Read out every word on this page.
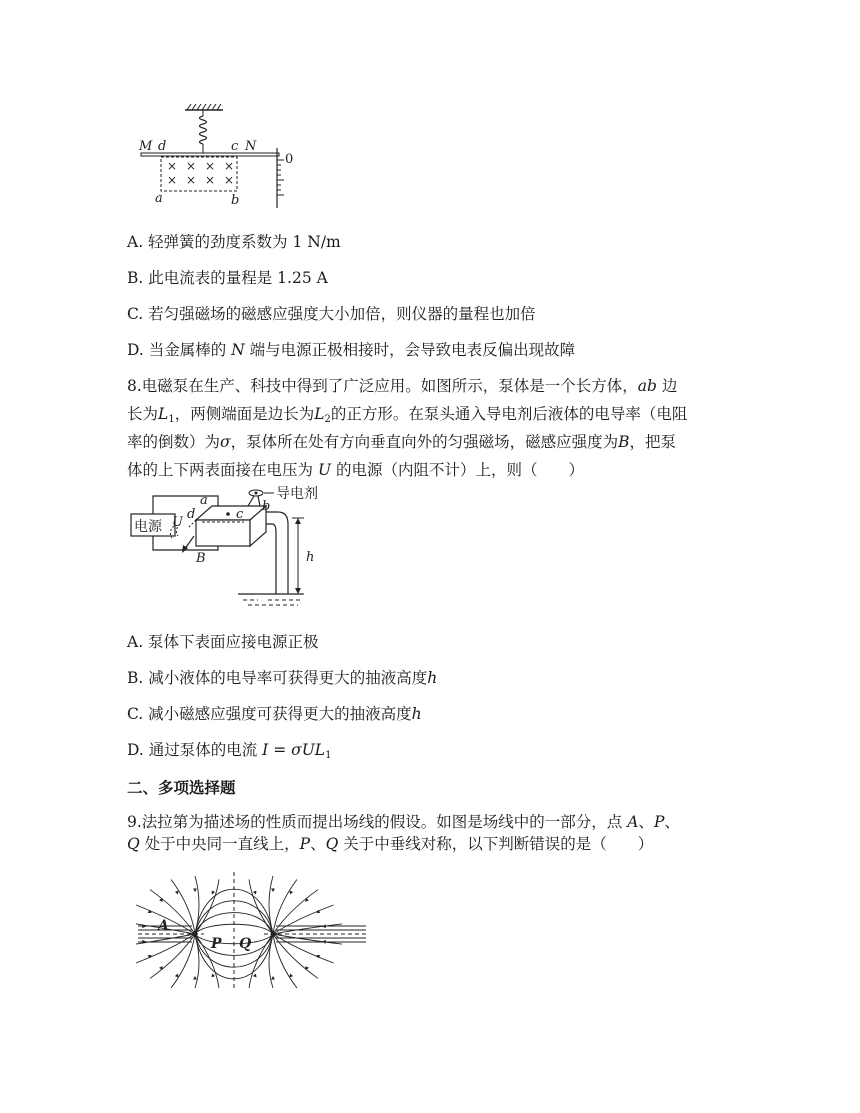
× × × ×
× × × ×
M d	c N
a	b
0
A. 轻弹簧的劲度系数为 1 N/m
B. 此电流表的量程是 1.25 A
C. 若匀强磁场的磁感应强度大小加倍，则仪器的量程也加倍
D. 当金属棒的 N 端与电源正极相接时，会导致电表反偏出现故障
8.电磁泵在生产、科技中得到了广泛应用。如图所示，泵体是一个长方体，ab 边
长为$L_1$，两侧端面是边长为$L_2$的正方形。在泵头通入导电剂后液体的电导率（电阻
率的倒数）为σ，泵体所在处有方向垂直向外的匀强磁场，磁感应强度为B，把泵
体的上下两表面接在电压为 U 的电源（内阻不计）上，则（　　）
电源
导电剂
a	b
c
d
U
B	h
A. 泵体下表面应接电源正极
B. 减小液体的电导率可获得更大的抽液高度h
C. 减小磁感应强度可获得更大的抽液高度h
D. 通过泵体的电流 I = σUL$_1$
二、多项选择题
9.法拉第为描述场的性质而提出场线的假设。如图是场线中的一部分，点 A、P、
Q 处于中央同一直线上，P、Q 关于中垂线对称，以下判断错误的是（　　）
A
P Q
